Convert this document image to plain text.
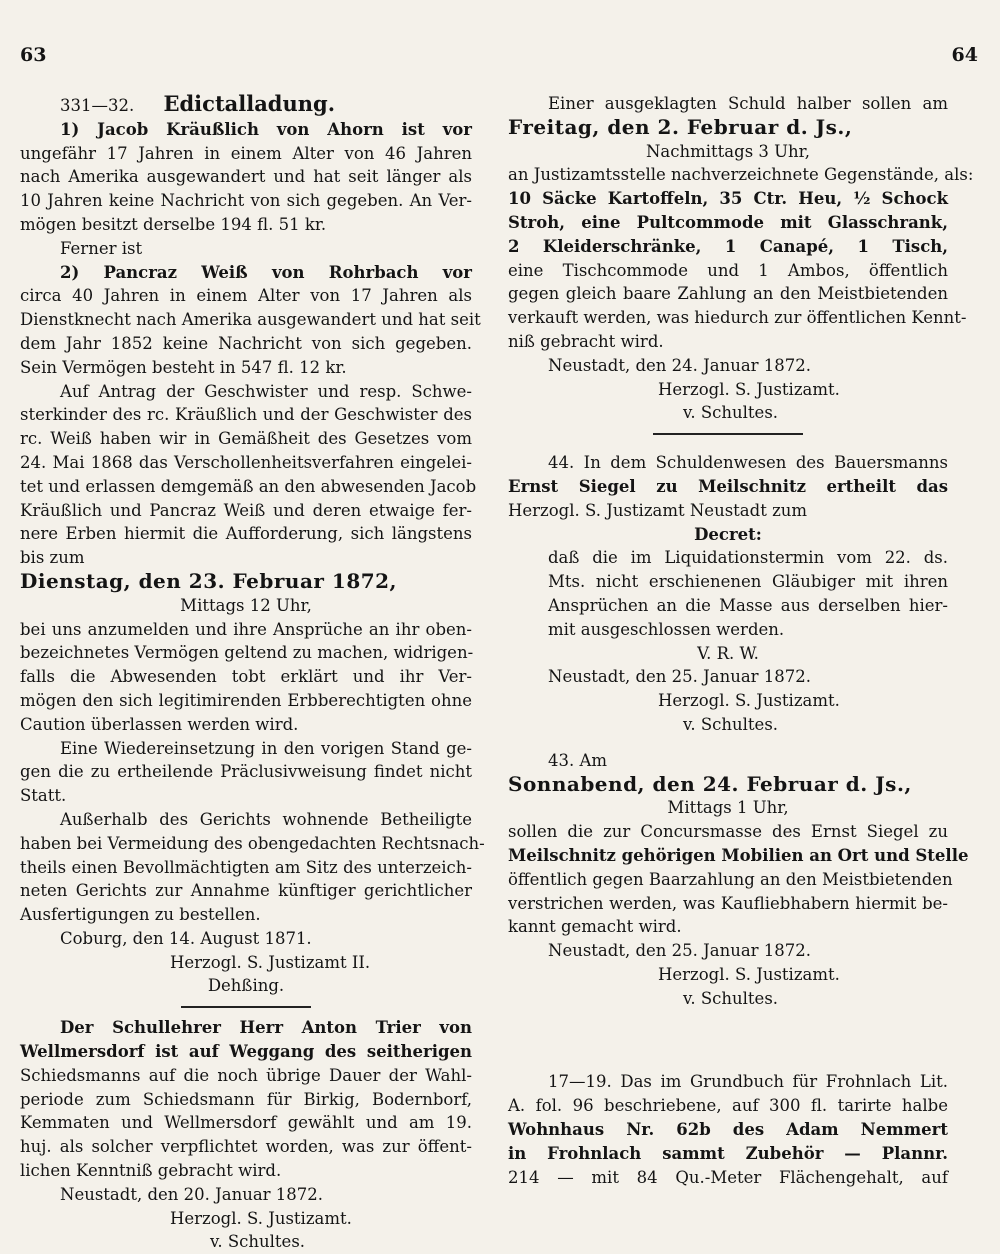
63	64
331—32. Edictalladung.
1) Jacob Kräußlich von Ahorn ist vor
ungefähr 17 Jahren in einem Alter von 46 Jahren
nach Amerika ausgewandert und hat seit länger als
10 Jahren keine Nachricht von sich gegeben. An Ver-
mögen besitzt derselbe 194 fl. 51 kr.
Ferner ist
2) Pancraz Weiß von Rohrbach vor
circa 40 Jahren in einem Alter von 17 Jahren als
Dienstknecht nach Amerika ausgewandert und hat seit
dem Jahr 1852 keine Nachricht von sich gegeben.
Sein Vermögen besteht in 547 fl. 12 kr.
Auf Antrag der Geschwister und resp. Schwe-
sterkinder des rc. Kräußlich und der Geschwister des
rc. Weiß haben wir in Gemäßheit des Gesetzes vom
24. Mai 1868 das Verschollenheitsverfahren eingelei-
tet und erlassen demgemäß an den abwesenden Jacob
Kräußlich und Pancraz Weiß und deren etwaige fer-
nere Erben hiermit die Aufforderung, sich längstens
bis zum
Dienstag, den 23. Februar 1872,
Mittags 12 Uhr,
bei uns anzumelden und ihre Ansprüche an ihr oben-
bezeichnetes Vermögen geltend zu machen, widrigen-
falls die Abwesenden tobt erklärt und ihr Ver-
mögen den sich legitimirenden Erbberechtigten ohne
Caution überlassen werden wird.
Eine Wiedereinsetzung in den vorigen Stand ge-
gen die zu ertheilende Präclusivweisung findet nicht
Statt.
Außerhalb des Gerichts wohnende Betheiligte
haben bei Vermeidung des obengedachten Rechtsnach-
theils einen Bevollmächtigten am Sitz des unterzeich-
neten Gerichts zur Annahme künftiger gerichtlicher
Ausfertigungen zu bestellen.
Coburg, den 14. August 1871.
Herzogl. S. Justizamt II.
Dehßing.
Der Schullehrer Herr Anton Trier von
Wellmersdorf ist auf Weggang des seitherigen
Schiedsmanns auf die noch übrige Dauer der Wahl-
periode zum Schiedsmann für Birkig, Bodernborf,
Kemmaten und Wellmersdorf gewählt und am 19.
huj. als solcher verpflichtet worden, was zur öffent-
lichen Kenntniß gebracht wird.
Neustadt, den 20. Januar 1872.
Herzogl. S. Justizamt.
v. Schultes.
Einer ausgeklagten Schuld halber sollen am
Freitag, den 2. Februar d. Js.,
Nachmittags 3 Uhr,
an Justizamtsstelle nachverzeichnete Gegenstände, als:
10 Säcke Kartoffeln, 35 Ctr. Heu, ½ Schock
Stroh, eine Pultcommode mit Glasschrank,
2 Kleiderschränke, 1 Canapé, 1 Tisch,
eine Tischcommode und 1 Ambos, öffentlich
gegen gleich baare Zahlung an den Meistbietenden
verkauft werden, was hiedurch zur öffentlichen Kennt-
niß gebracht wird.
Neustadt, den 24. Januar 1872.
Herzogl. S. Justizamt.
v. Schultes.
44. In dem Schuldenwesen des Bauersmanns
Ernst Siegel zu Meilschnitz ertheilt das
Herzogl. S. Justizamt Neustadt zum
Decret:
daß die im Liquidationstermin vom 22. ds.
Mts. nicht erschienenen Gläubiger mit ihren
Ansprüchen an die Masse aus derselben hier-
mit ausgeschlossen werden.
V. R. W.
Neustadt, den 25. Januar 1872.
Herzogl. S. Justizamt.
v. Schultes.
43. Am
Sonnabend, den 24. Februar d. Js.,
Mittags 1 Uhr,
sollen die zur Concursmasse des Ernst Siegel zu
Meilschnitz gehörigen Mobilien an Ort und Stelle
öffentlich gegen Baarzahlung an den Meistbietenden
verstrichen werden, was Kaufliebhabern hiermit be-
kannt gemacht wird.
Neustadt, den 25. Januar 1872.
Herzogl. S. Justizamt.
v. Schultes.
17—19. Das im Grundbuch für Frohnlach Lit.
A. fol. 96 beschriebene, auf 300 fl. tarirte halbe
Wohnhaus Nr. 62b des Adam Nemmert
in Frohnlach sammt Zubehör — Plannr.
214 — mit 84 Qu.-Meter Flächengehalt, auf
